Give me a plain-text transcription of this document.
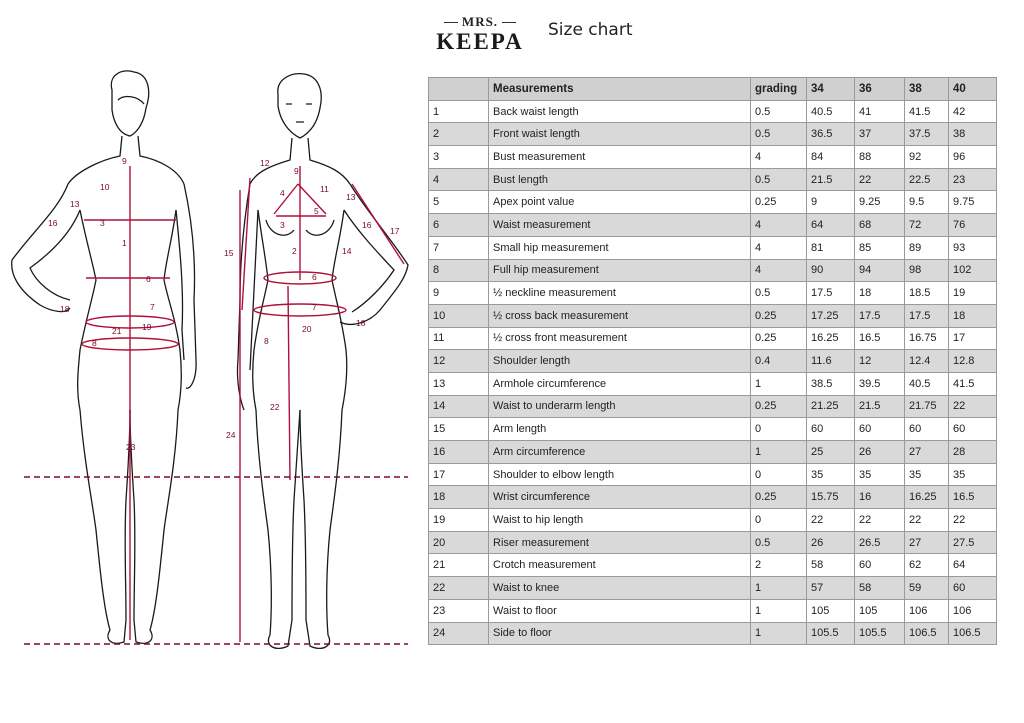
MRS.
KEEPA Size chart
9
10
13
16	3
1
6
7
18
21 19
8
23
12
9
4	11
13
5
3	16
17
15	2	14
6
7
20
18
8
22
24
	Measurements	grading	34	36	38	40
1	Back waist length	0.5	40.5	41	41.5	42
2	Front waist length	0.5	36.5	37	37.5	38
3	Bust measurement	4	84	88	92	96
4	Bust length	0.5	21.5	22	22.5	23
5	Apex point value	0.25	9	9.25	9.5	9.75
6	Waist measurement	4	64	68	72	76
7	Small hip measurement	4	81	85	89	93
8	Full hip measurement	4	90	94	98	102
9	½ neckline measurement	0.5	17.5	18	18.5	19
10	½ cross back measurement	0.25	17.25	17.5	17.5	18
11	½ cross front measurement	0.25	16.25	16.5	16.75	17
12	Shoulder length	0.4	11.6	12	12.4	12.8
13	Armhole circumference	1	38.5	39.5	40.5	41.5
14	Waist to underarm length	0.25	21.25	21.5	21.75	22
15	Arm length	0	60	60	60	60
16	Arm circumference	1	25	26	27	28
17	Shoulder to elbow length	0	35	35	35	35
18	Wrist circumference	0.25	15.75	16	16.25	16.5
19	Waist to hip length	0	22	22	22	22
20	Riser measurement	0.5	26	26.5	27	27.5
21	Crotch measurement	2	58	60	62	64
22	Waist to knee	1	57	58	59	60
23	Waist to floor	1	105	105	106	106
24	Side to floor	1	105.5	105.5	106.5	106.5
